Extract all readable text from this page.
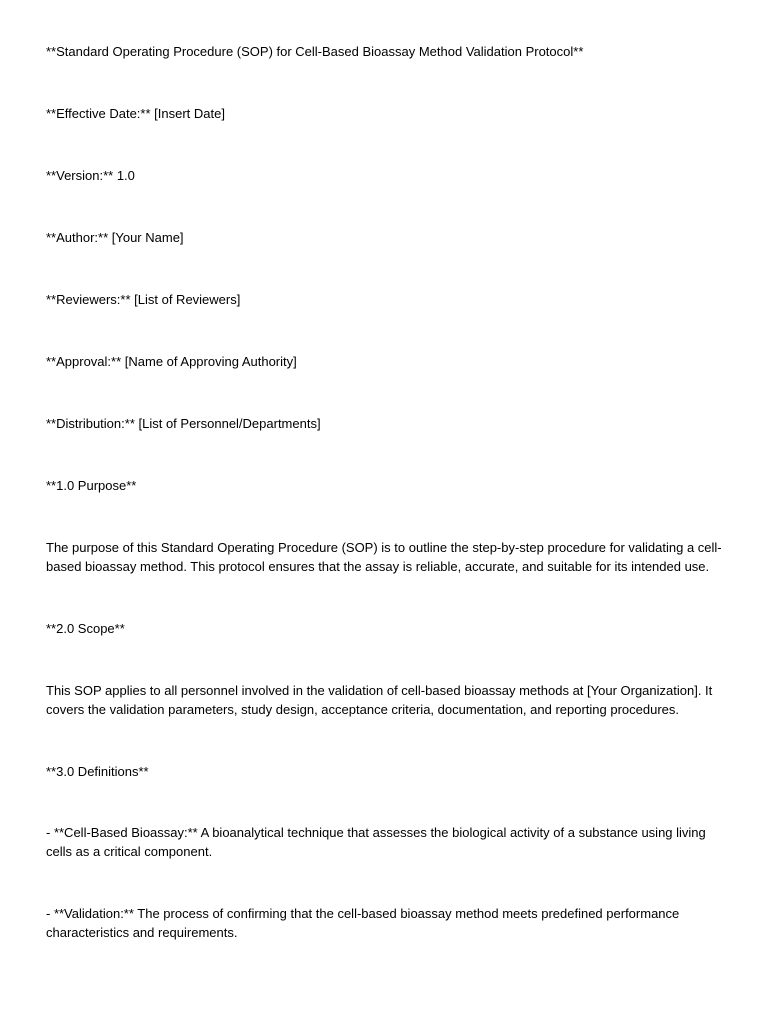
**Standard Operating Procedure (SOP) for Cell-Based Bioassay Method Validation Protocol**

**Effective Date:** [Insert Date]

**Version:** 1.0

**Author:** [Your Name]

**Reviewers:** [List of Reviewers]

**Approval:** [Name of Approving Authority]

**Distribution:** [List of Personnel/Departments]

**1.0 Purpose**

The purpose of this Standard Operating Procedure (SOP) is to outline the step-by-step procedure for validating a cell-
based bioassay method. This protocol ensures that the assay is reliable, accurate, and suitable for its intended use.

**2.0 Scope**

This SOP applies to all personnel involved in the validation of cell-based bioassay methods at [Your Organization]. It
covers the validation parameters, study design, acceptance criteria, documentation, and reporting procedures.

**3.0 Definitions**

- **Cell-Based Bioassay:** A bioanalytical technique that assesses the biological activity of a substance using living
cells as a critical component.
- **Validation:** The process of confirming that the cell-based bioassay method meets predefined performance
characteristics and requirements.
